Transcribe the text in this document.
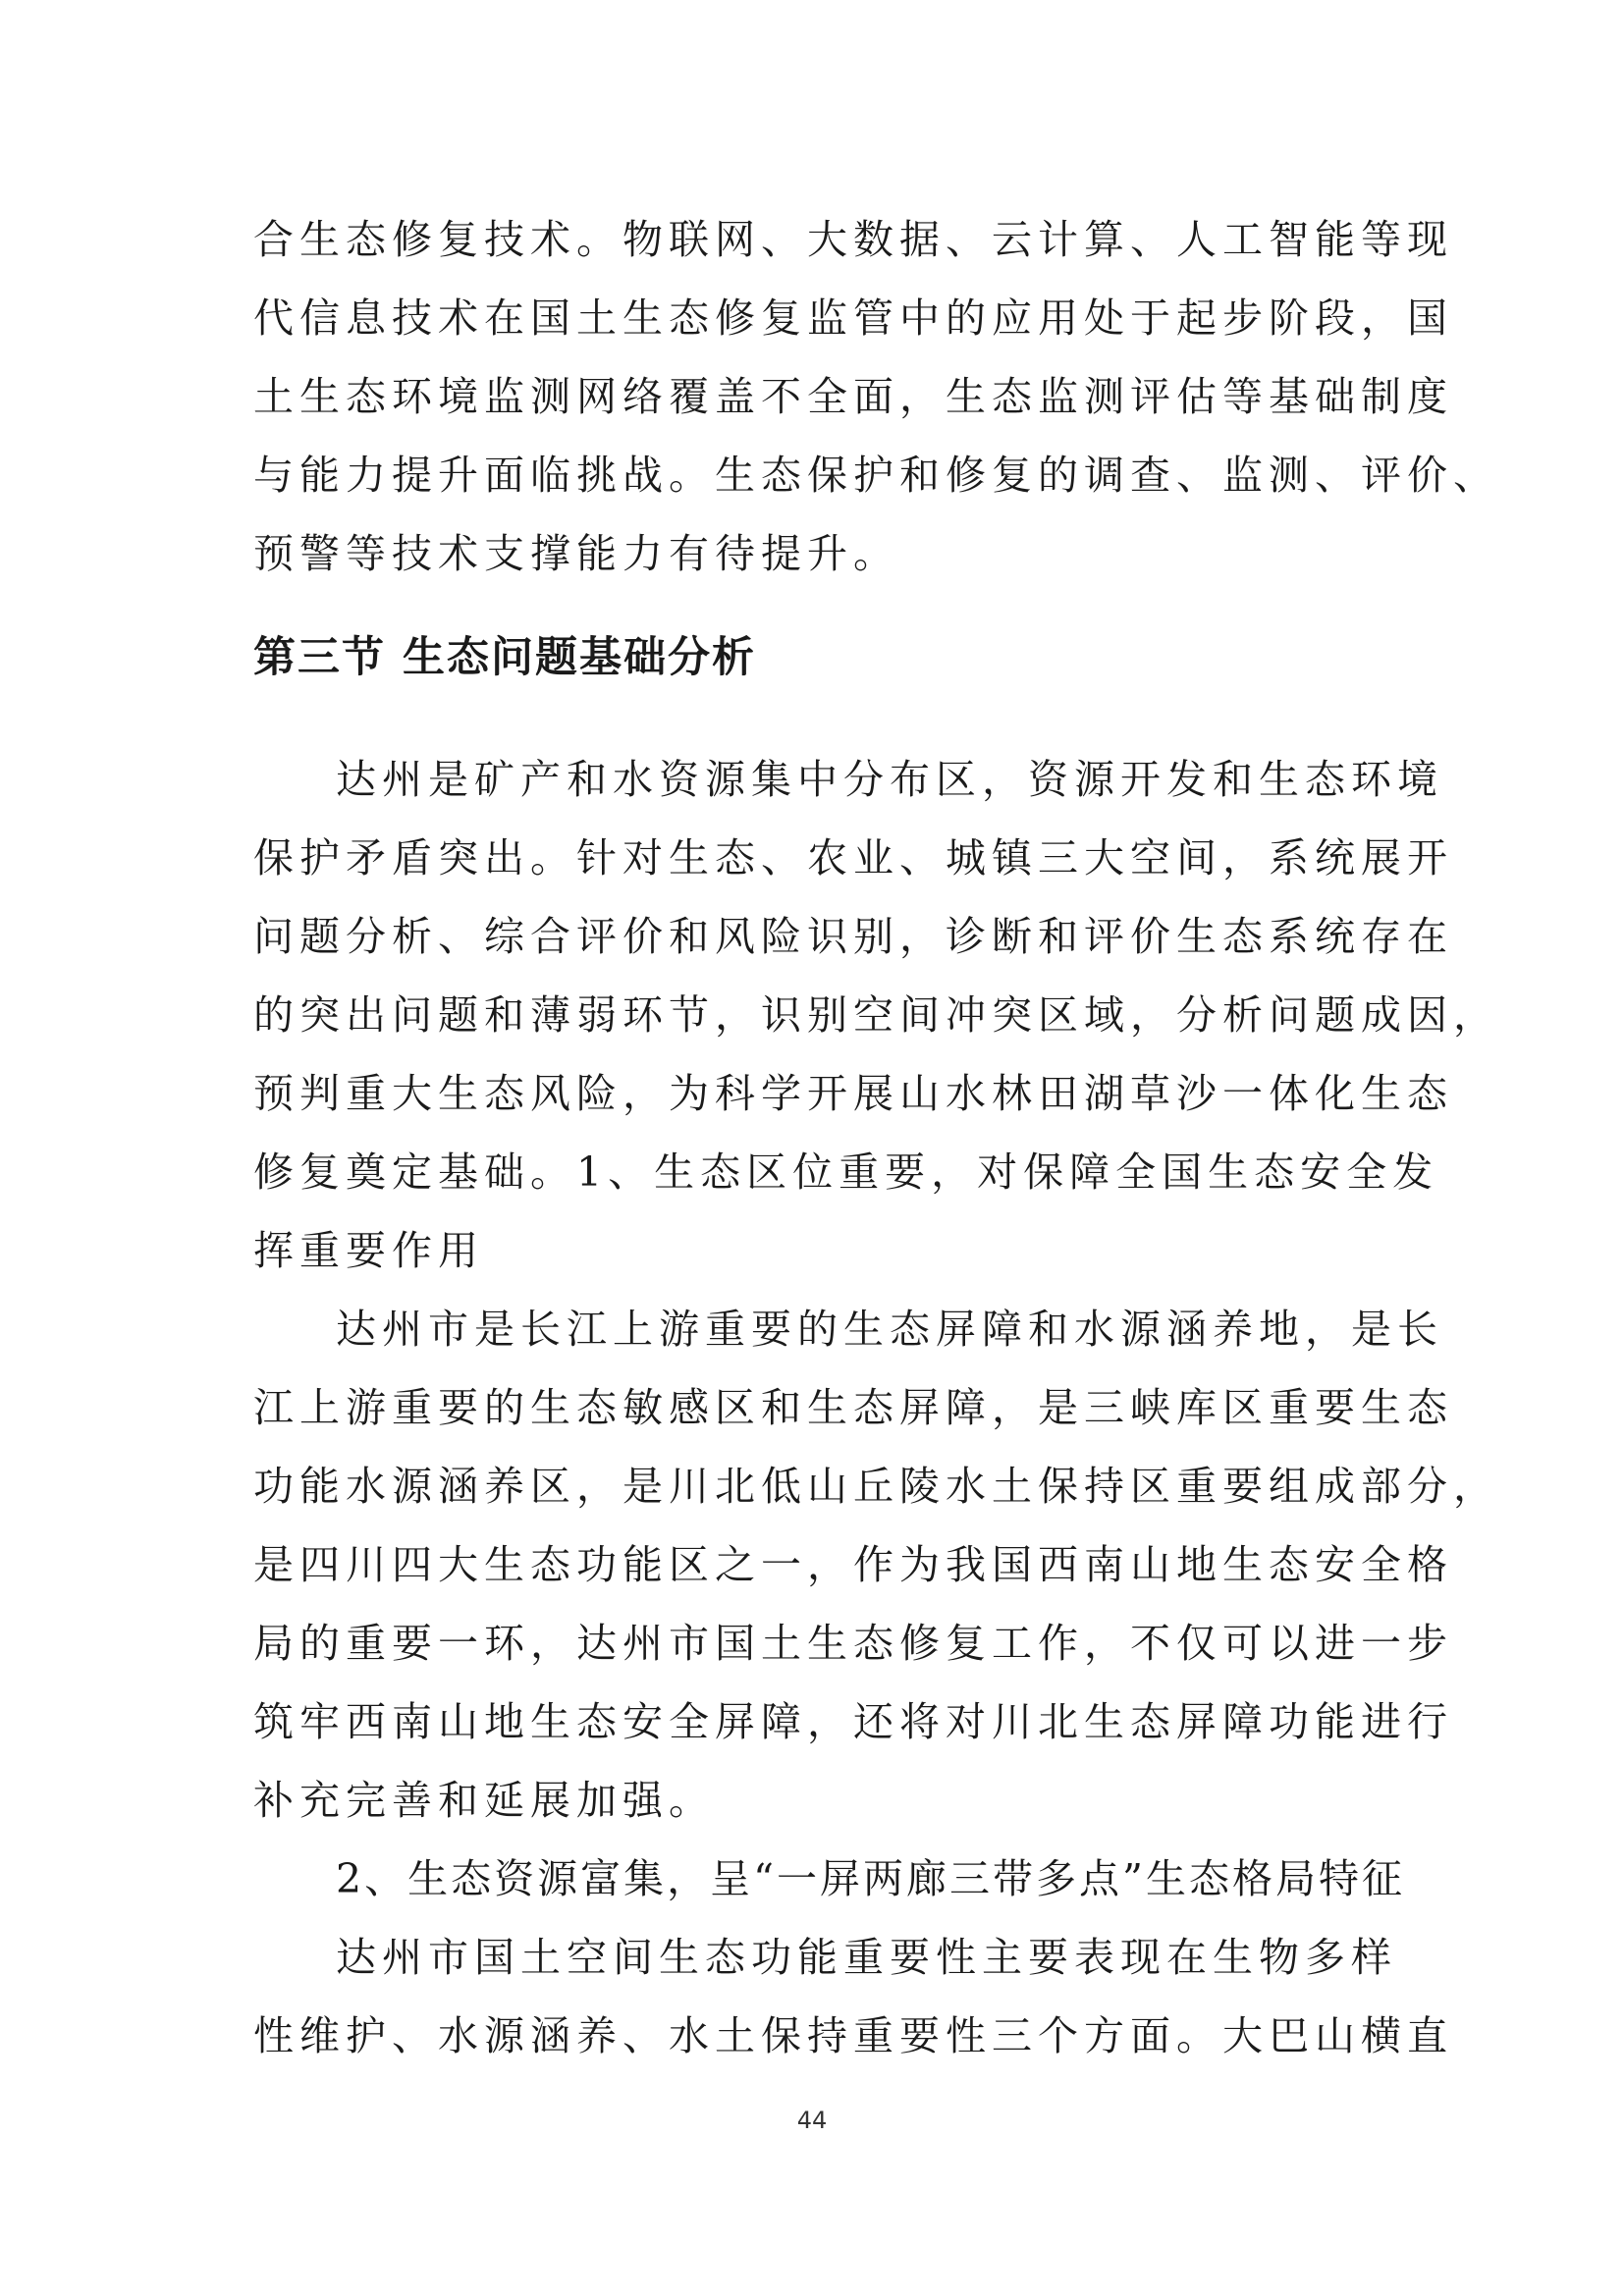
合生态修复技术。物联网、大数据、云计算、人工智能等现
代信息技术在国土生态修复监管中的应用处于起步阶段，国
土生态环境监测网络覆盖不全面，生态监测评估等基础制度
与能力提升面临挑战。生态保护和修复的调查、监测、评价、
预警等技术支撑能力有待提升。
第三节 生态问题基础分析
达州是矿产和水资源集中分布区，资源开发和生态环境
保护矛盾突出。针对生态、农业、城镇三大空间，系统展开
问题分析、综合评价和风险识别，诊断和评价生态系统存在
的突出问题和薄弱环节，识别空间冲突区域，分析问题成因，
预判重大生态风险，为科学开展山水林田湖草沙一体化生态
修复奠定基础。1、生态区位重要，对保障全国生态安全发
挥重要作用
达州市是长江上游重要的生态屏障和水源涵养地，是长
江上游重要的生态敏感区和生态屏障，是三峡库区重要生态
功能水源涵养区，是川北低山丘陵水土保持区重要组成部分，
是四川四大生态功能区之一，作为我国西南山地生态安全格
局的重要一环，达州市国土生态修复工作，不仅可以进一步
筑牢西南山地生态安全屏障，还将对川北生态屏障功能进行
补充完善和延展加强。
2、生态资源富集，呈“一屏两廊三带多点”生态格局特征
达州市国土空间生态功能重要性主要表现在生物多样
性维护、水源涵养、水土保持重要性三个方面。大巴山横直
44
